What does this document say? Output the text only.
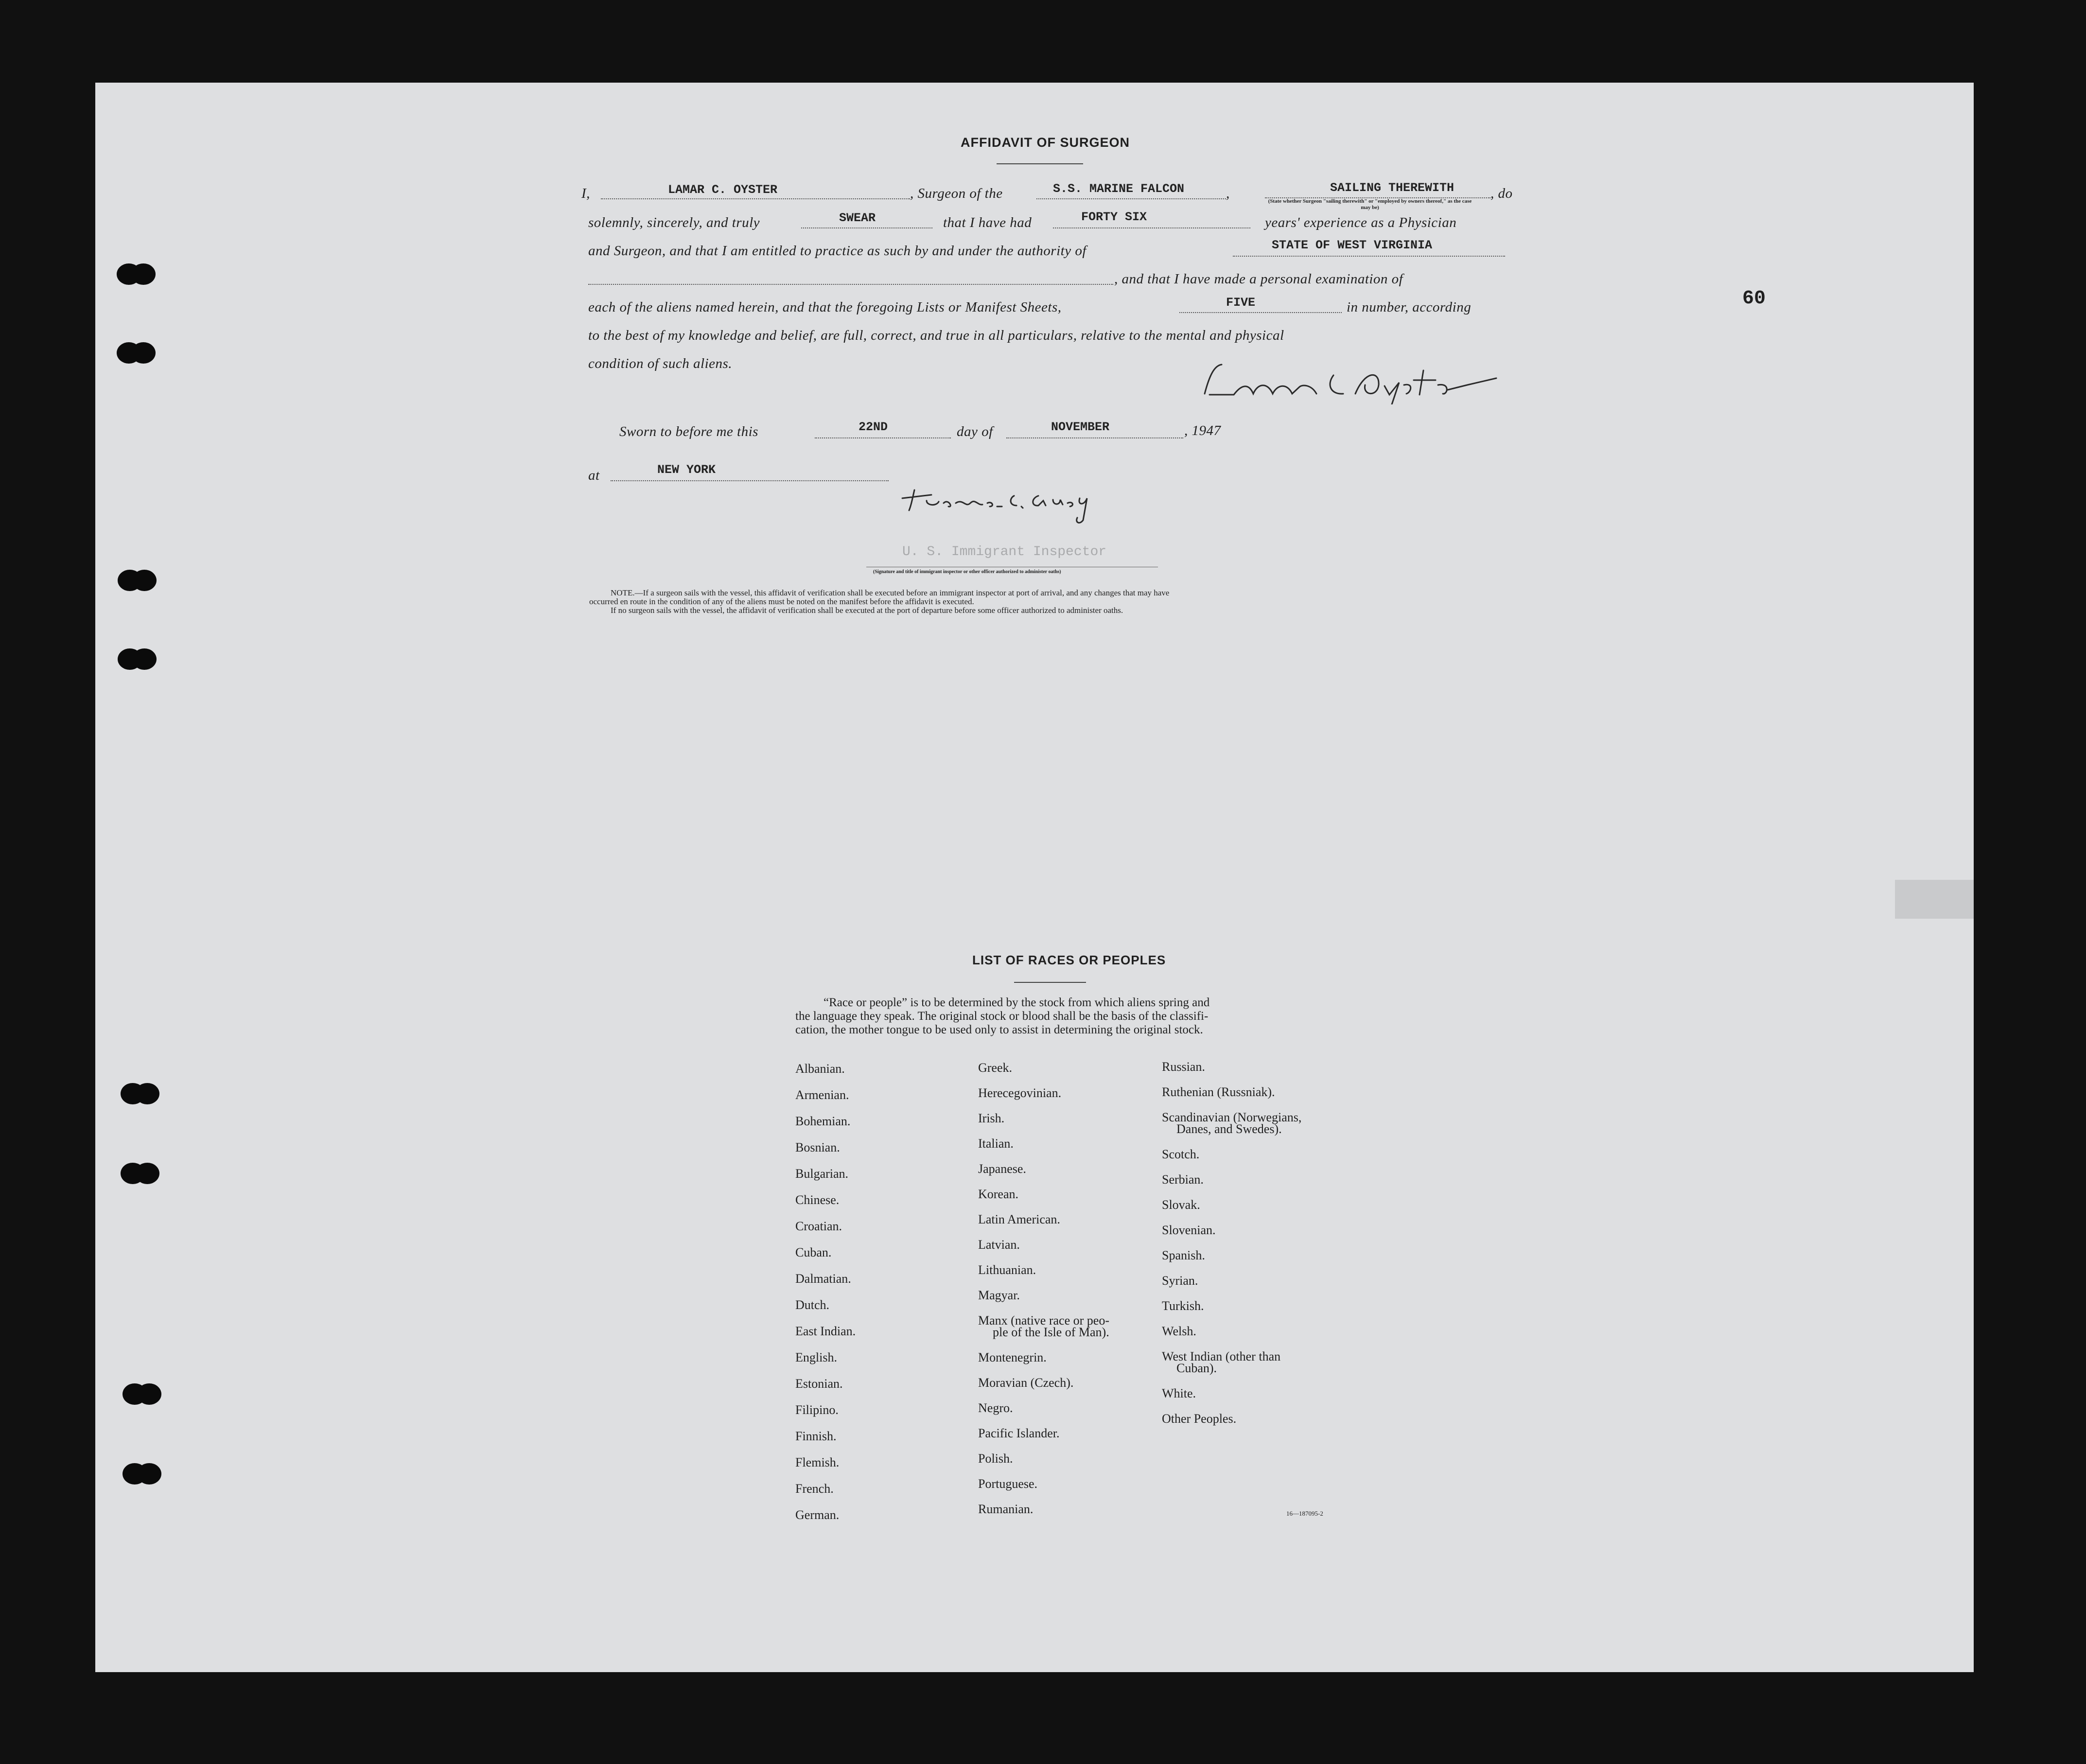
AFFIDAVIT OF SURGEON
60
I,	LAMAR C. OYSTER	, Surgeon of the	S.S. MARINE FALCON	,	SAILING THEREWITH	, do
(State whether Surgeon "sailing therewith" or "employed by owners thereof," as the case may be)
solemnly, sincerely, and truly	SWEAR	that I have had	FORTY SIX	years' experience as a Physician
and Surgeon, and that I am entitled to practice as such by and under the authority of	STATE OF WEST VIRGINIA
, and that I have made a personal examination of
each of the aliens named herein, and that the foregoing Lists or Manifest Sheets,	FIVE	in number, according
to the best of my knowledge and belief, are full, correct, and true in all particulars, relative to the mental and physical
condition of such aliens.
Sworn to before me this	22ND	day of	NOVEMBER	, 1947
at	NEW YORK
U. S. Immigrant Inspector
(Signature and title of immigrant inspector or other officer authorized to administer oaths)
NOTE.—If a surgeon sails with the vessel, this affidavit of verification shall be executed before an immigrant inspector at port of arrival, and any changes that may have
occurred en route in the condition of any of the aliens must be noted on the manifest before the affidavit is executed.
If no surgeon sails with the vessel, the affidavit of verification shall be executed at the port of departure before some officer authorized to administer oaths.
LIST OF RACES OR PEOPLES
“Race or people” is to be determined by the stock from which aliens spring and
the language they speak. The original stock or blood shall be the basis of the classifi-
cation, the mother tongue to be used only to assist in determining the original stock.
Albanian.
Armenian.
Bohemian.
Bosnian.
Bulgarian.
Chinese.
Croatian.
Cuban.
Dalmatian.
Dutch.
East Indian.
English.
Estonian.
Filipino.
Finnish.
Flemish.
French.
German.
Greek.
Herecegovinian.
Irish.
Italian.
Japanese.
Korean.
Latin American.
Latvian.
Lithuanian.
Magyar.
Manx (native race or peo-
ple of the Isle of Man).
Montenegrin.
Moravian (Czech).
Negro.
Pacific Islander.
Polish.
Portuguese.
Rumanian.
Russian.
Ruthenian (Russniak).
Scandinavian (Norwegians,
Danes, and Swedes).
Scotch.
Serbian.
Slovak.
Slovenian.
Spanish.
Syrian.
Turkish.
Welsh.
West Indian (other than
Cuban).
White.
Other Peoples.
16—187095-2
